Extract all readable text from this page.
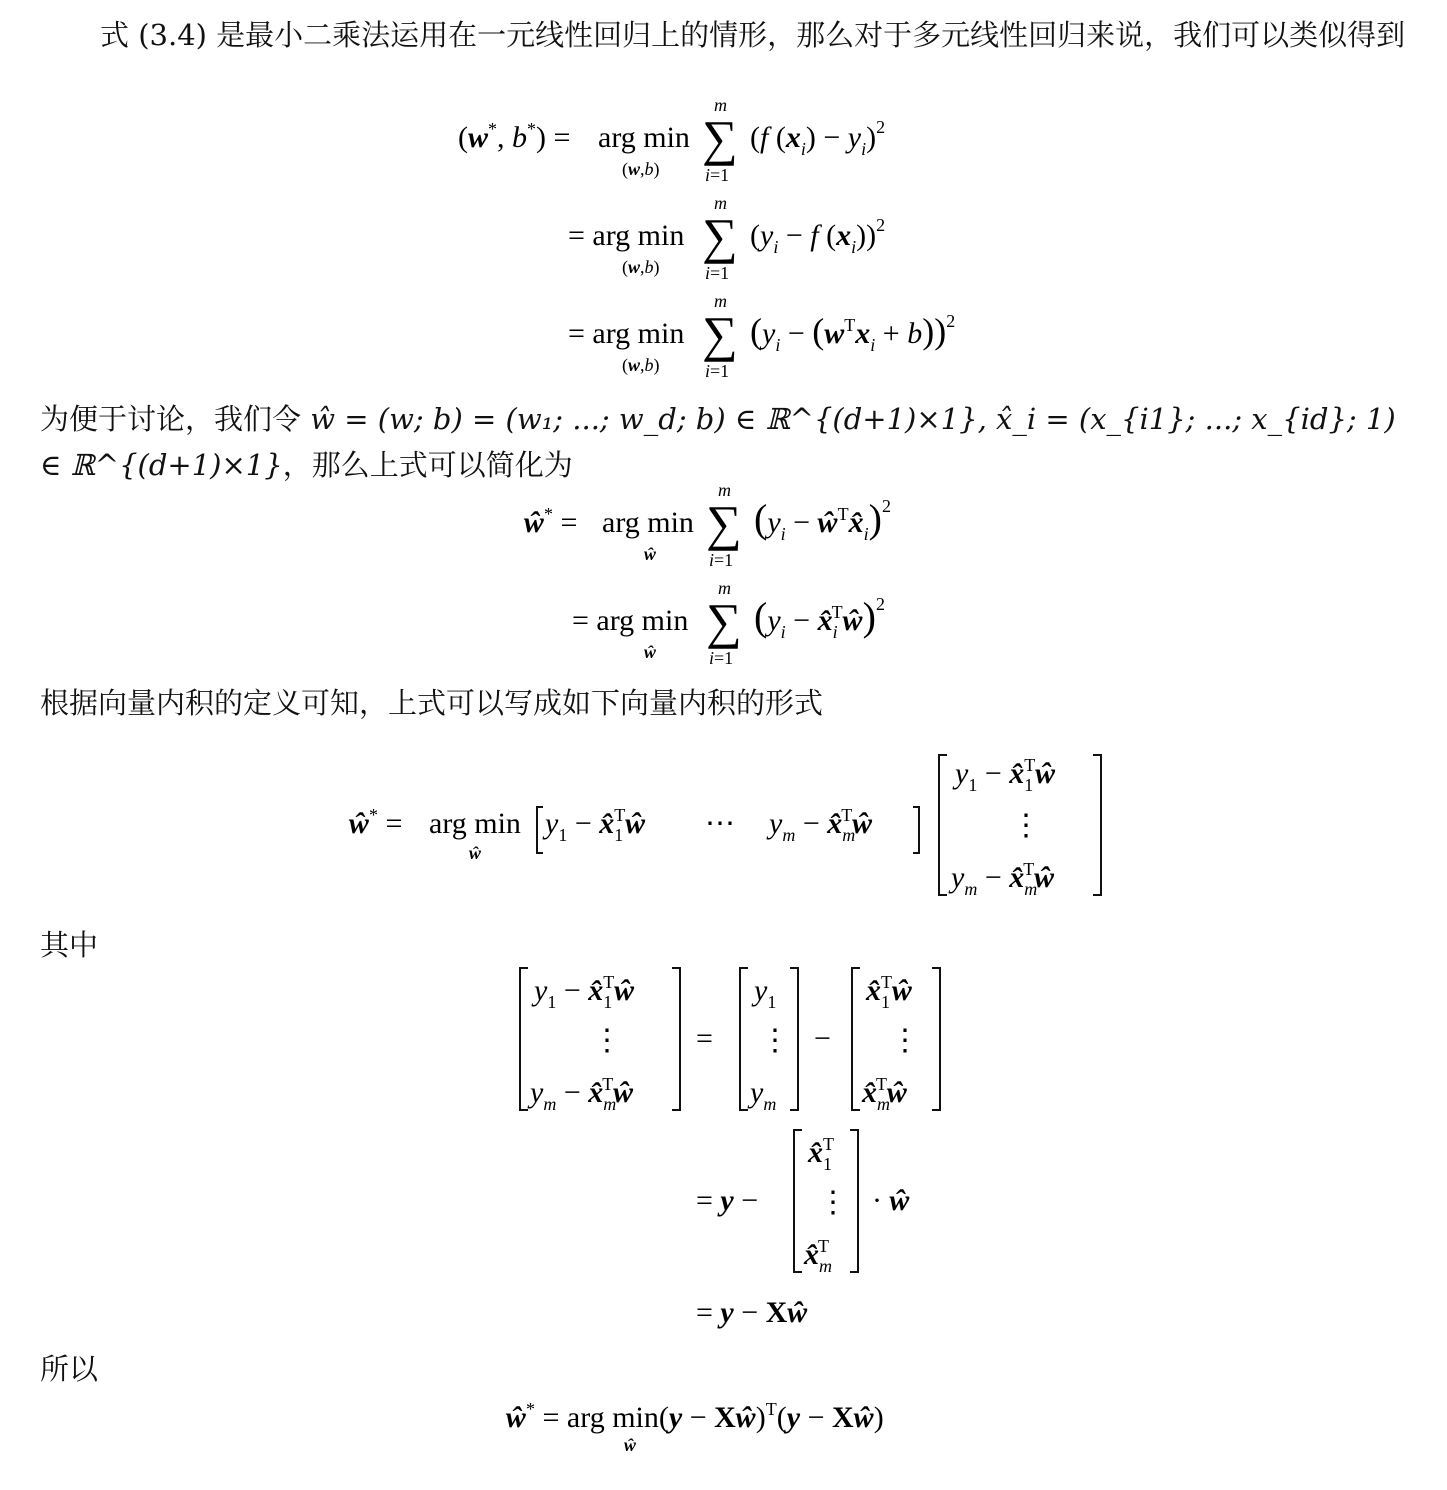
式 (3.4) 是最小二乘法运用在一元线性回归上的情形，那么对于多元线性回归来说，我们可以类似得到

(w*, b*) = arg min
(w,b)
∑
m
i=1
(f $(x_i) - y_i)^2$
= arg min
(w,b)
∑
m
i=1
($y_i - f$ $(x_i))^2$
= arg min
(w,b)
∑
m
i=1
$(y_i - (w^Tx_i + b))^2$

为便于讨论，我们令 ŵ = (w; b) = (w₁; ...; w_d; b) ∈ ℝ^{(d+1)×1}, x̂_i = (x_{i1}; ...; x_{id}; 1) ∈ ℝ^{(d+1)×1}，那么上式可以简化为

ŵ* = arg min
ŵ
∑
m
i=1
($y_i$ − $ŵ^Tx̂_i)^2$
= arg min
ŵ
∑
m
i=1
($y_i$ − $x̂_iTŵ)^2$

根据向量内积的定义可知，上式可以写成如下向量内积的形式

ŵ* = arg min
ŵ
$y_1$ − $x̂_1Tŵ$ ⋯ $y_m$ − $x̂_mTŵ$
$y_1$ − $x̂_1Tŵ$
⋮
$y_m$ − $x̂_mTŵ$

其中

$y_1$ − $x̂_1Tŵ$
⋮
$y_m$ − $x̂_mTŵ$
=
$y_1$
⋮
$y_m$
−
$x̂_1Tŵ$
⋮
$x̂_mTŵ$
= y −
$x̂_1T$
⋮
$x̂_mT$
· ŵ
= y − Xŵ

所以

ŵ* = arg min(y − Xŵ)$^T$(y − Xŵ)
ŵ
